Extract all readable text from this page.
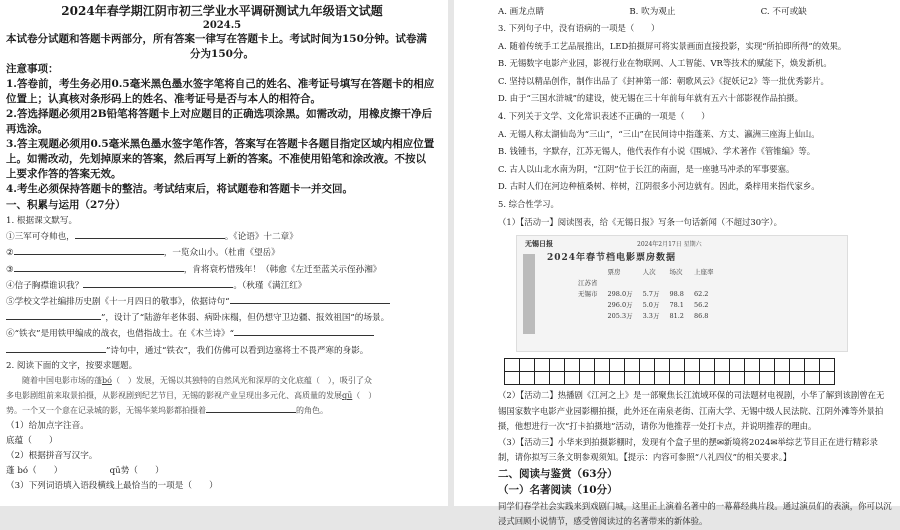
2024年春学期江阴市初三学业水平调研测试九年级语文试题

2024.5

本试卷分试题和答题卡两部分，所有答案一律写在答题卡上。考试时间为150分钟。试卷满

分为150分。

注意事项：

1.答卷前，考生务必用0.5毫米黑色墨水签字笔将自己的姓名、准考证号填写在答题卡的相应

位置上；认真核对条形码上的姓名、准考证号是否与本人的相符合。

2.答选择题必须用2B铅笔将答题卡上对应题目的正确选项涂黑。如需改动，用橡皮擦干净后

再选涂。

3.答主观题必须用0.5毫米黑色墨水签字笔作答，答案写在答题卡各题目指定区域内相应位置

上。如需改动，先划掉原来的答案，然后再写上新的答案。不准使用铅笔和涂改液。不按以

上要求作答的答案无效。

4.考生必须保持答题卡的整洁。考试结束后，将试题卷和答题卡一并交回。

一、积累与运用（27分）

1. 根据课文默写。

①三军可夺帅也，	。《论语》十二章》

②	，一览众山小。（杜甫《望岳》

③	，肯将衰朽惜残年！（韩愈《左迁至蓝关示侄孙湘》

④信子胸襟谁识我？	。（秋瑾《满江红》

⑤学校文学社编排历史剧《十一月四日的敬事》，依据诗句“

”，设计了“陆游年老体弱、病卧床榻，但仍想守卫边疆、报效祖国”的场景。

⑥“铁衣”是用铁甲编成的战衣，也借指战士。在《木兰诗》“

”诗句中，通过“铁衣”，我们仿佛可以看到边塞将士不畏严寒的身影。

2. 阅读下面的文字，按要求题题。

　　随着中国电影市场的蓬bó（　）发展，无锡以其独特的自然风光和深厚的文化底蕴（　），吸引了众

多电影剧组前来取景拍摄，从影视剧到纪艺节目，无锡的影视产业呈现出多元化、高质量的发展qū（　）

势。一个又一个意在记录城的影，无锡华莱坞影都拍摄着	的角色。

（1）给加点字注音。

底蕴（　　）

（2）根据拼音写汉字。

蓬 bó（　　）　　　　　　	qū势（　　）

（3）下列词语填入语段横线上最恰当的一项是（　　）

A. 画龙点睛	B. 吹为观止	C. 不可或缺

3. 下列句子中，没有语病的一项是（　　）

A. 随着传统手工艺品展推出，LED拍摄屏可将实景画面直接投影，实现“所拍即所得”的效果。

B. 无锡数字电影产业园，影视行业在物联网、人工智能、VR等技术的赋能下，焕发新机。

C. 坚持以精品创作，制作出品了《封神第一部：朝歌风云》《捉妖记2》等一批优秀影片。

D. 由于“三国水浒城”的建设，使无锡在三十年前每年就有五六十部影视作品拍摄。

4. 下列关于文学、文化常识表述不正确的一项是（　　）

A. 无锡人称太湖仙岛为“三山”，“三山”在民间诗中指蓬莱、方丈、瀛洲三座海上仙山。

B. 钱锺书，字默存，江苏无锡人，他代表作有小说《围城》、学术著作《管锥编》等。

C. 古人以山北水南为阴，“江阴”位于长江的南面，是一座驰马冲杀的军事要塞。

D. 古时人们在河边种植桑树、梓树，江阴很多小河边就有。因此，桑梓用来指代家乡。

5. 综合性学习。

（1）【活动一】阅读图表，给《无锡日报》写条一句话新闻（不超过30字）。

无锡日报	2024年2月17日 星期六
2024年春节档电影票房数据
	票房	人次	场次	上座率
江苏省				
无锡市	298.0万	5.7万	98.8	62.2
	296.0万	5.0万	78.1	56.2
	205.3万	3.3万	81.2	86.8

（2）【活动二】热播剧《江河之上》是一部聚焦长江流域环保的司法题材电视剧，小华了解到该剧曾在无锡国家数字电影产业园影棚拍摄，此外还在南泉老街、江南大学、无锡中级人民法院、江阴外滩等外景拍摄，他想进行一次“打卡拍摄地”活动，请你为他推荐一处打卡点，并说明推荐的理由。

（3）【活动三】小华来到拍摄影棚时，发现有个盒子里的摆✉新境将2024✉举综艺节目正在进行精彩录制，请你拟写三条文明参观须知。【提示：内容可参照“八礼四仪”的相关要求。】

二、阅读与鉴赏（63分）

（一）名著阅读（10分）

同学们春学社会实践来到戏剧门城，这里正上演着名著中的一幕幕经典片段。通过演员们的表演，你可以沉浸式回顾小说情节，感受曾阅读过的名著带来的新体验。
